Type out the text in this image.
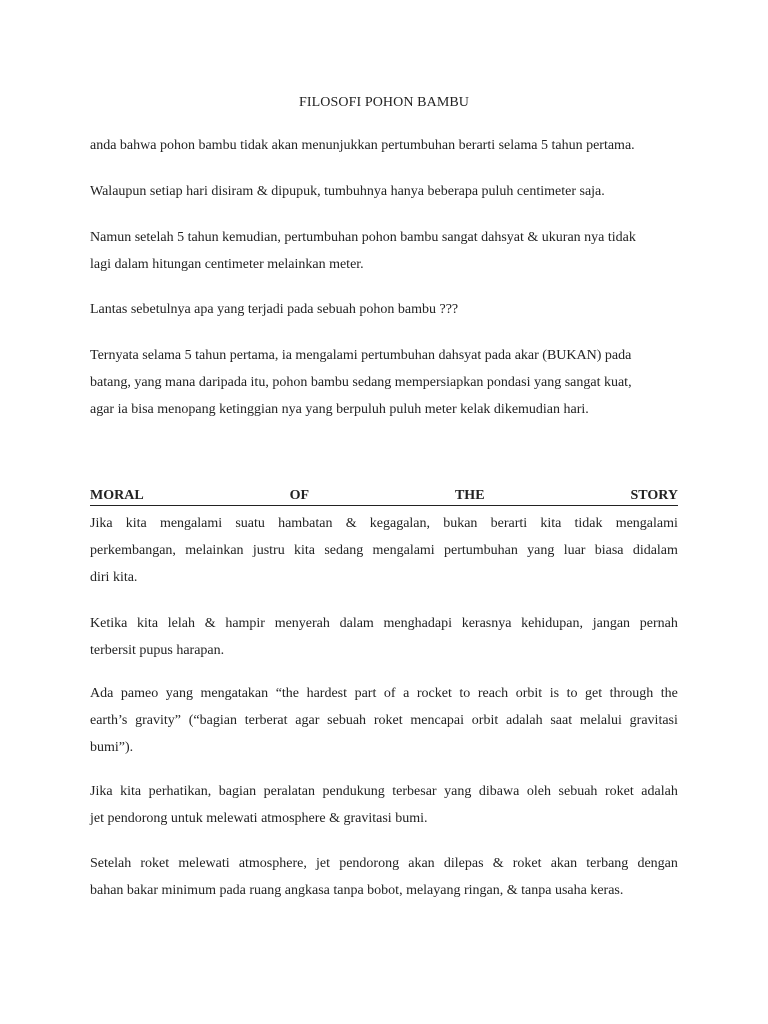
FILOSOFI POHON BAMBU
anda bahwa pohon bambu tidak akan menunjukkan pertumbuhan berarti selama 5 tahun pertama.
Walaupun setiap hari disiram & dipupuk, tumbuhnya hanya beberapa puluh centimeter saja.
Namun setelah 5 tahun kemudian, pertumbuhan pohon bambu sangat dahsyat & ukuran nya tidak
lagi dalam hitungan centimeter melainkan meter.
Lantas sebetulnya apa yang terjadi pada sebuah pohon bambu ???
Ternyata selama 5 tahun pertama, ia mengalami pertumbuhan dahsyat pada akar (BUKAN) pada
batang, yang mana daripada itu, pohon bambu sedang mempersiapkan pondasi yang sangat kuat,
agar ia bisa menopang ketinggian nya yang berpuluh puluh meter kelak dikemudian hari.
MORAL	OF	THE	STORY
Jika kita mengalami suatu hambatan & kegagalan, bukan berarti kita tidak mengalami
perkembangan, melainkan justru kita sedang mengalami pertumbuhan yang luar biasa didalam
diri kita.
Ketika kita lelah & hampir menyerah dalam menghadapi kerasnya kehidupan, jangan pernah
terbersit pupus harapan.
Ada pameo yang mengatakan “the hardest part of a rocket to reach orbit is to get through the
earth’s gravity” (“bagian terberat agar sebuah roket mencapai orbit adalah saat melalui gravitasi
bumi”).
Jika kita perhatikan, bagian peralatan pendukung terbesar yang dibawa oleh sebuah roket adalah
jet pendorong untuk melewati atmosphere & gravitasi bumi.
Setelah roket melewati atmosphere, jet pendorong akan dilepas & roket akan terbang dengan
bahan bakar minimum pada ruang angkasa tanpa bobot, melayang ringan, & tanpa usaha keras.
